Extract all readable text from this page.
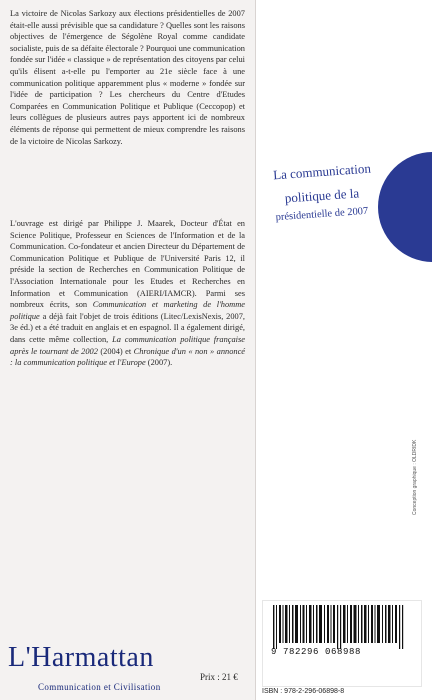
La victoire de Nicolas Sarkozy aux élections présidentielles de 2007 était-elle aussi prévisible que sa candidature ? Quelles sont les raisons objectives de l'émergence de Ségolène Royal comme candidate socialiste, puis de sa défaite électorale ? Pourquoi une communication fondée sur l'idée « classique » de représentation des citoyens par celui qu'ils élisent a-t-elle pu l'emporter au 21e siècle face à une communication politique apparemment plus « moderne » fondée sur l'idée de participation ? Les chercheurs du Centre d'Etudes Comparées en Communication Politique et Publique (Ceccopop) et leurs collègues de plusieurs autres pays apportent ici de nombreux éléments de réponse qui permettent de mieux comprendre les raisons de la victoire de Nicolas Sarkozy.

L'ouvrage est dirigé par Philippe J. Maarek, Docteur d'État en Science Politique, Professeur en Sciences de l'Information et de la Communication. Co-fondateur et ancien Directeur du Département de Communication Politique et Publique de l'Université Paris 12, il préside la section de Recherches en Communication Politique de l'Association Internationale pour les Etudes et Recherches en Information et Communication (AIERI/IAMCR). Parmi ses nombreux écrits, son Communication et marketing de l'homme politique a déjà fait l'objet de trois éditions (Litec/LexisNexis, 2007, 3e éd.) et a été traduit en anglais et en espagnol. Il a également dirigé, dans cette même collection, La communication politique française après le tournant de 2002 (2004) et Chronique d'un « non » annoncé : la communication politique et l'Europe (2007).

La communication
politique de la
présidentielle de 2007
Conception graphique : OLDRIDK
9 782296 068988
ISBN : 978-2-296-06898-8
Prix : 21 €
L'Harmattan
Communication et Civilisation
